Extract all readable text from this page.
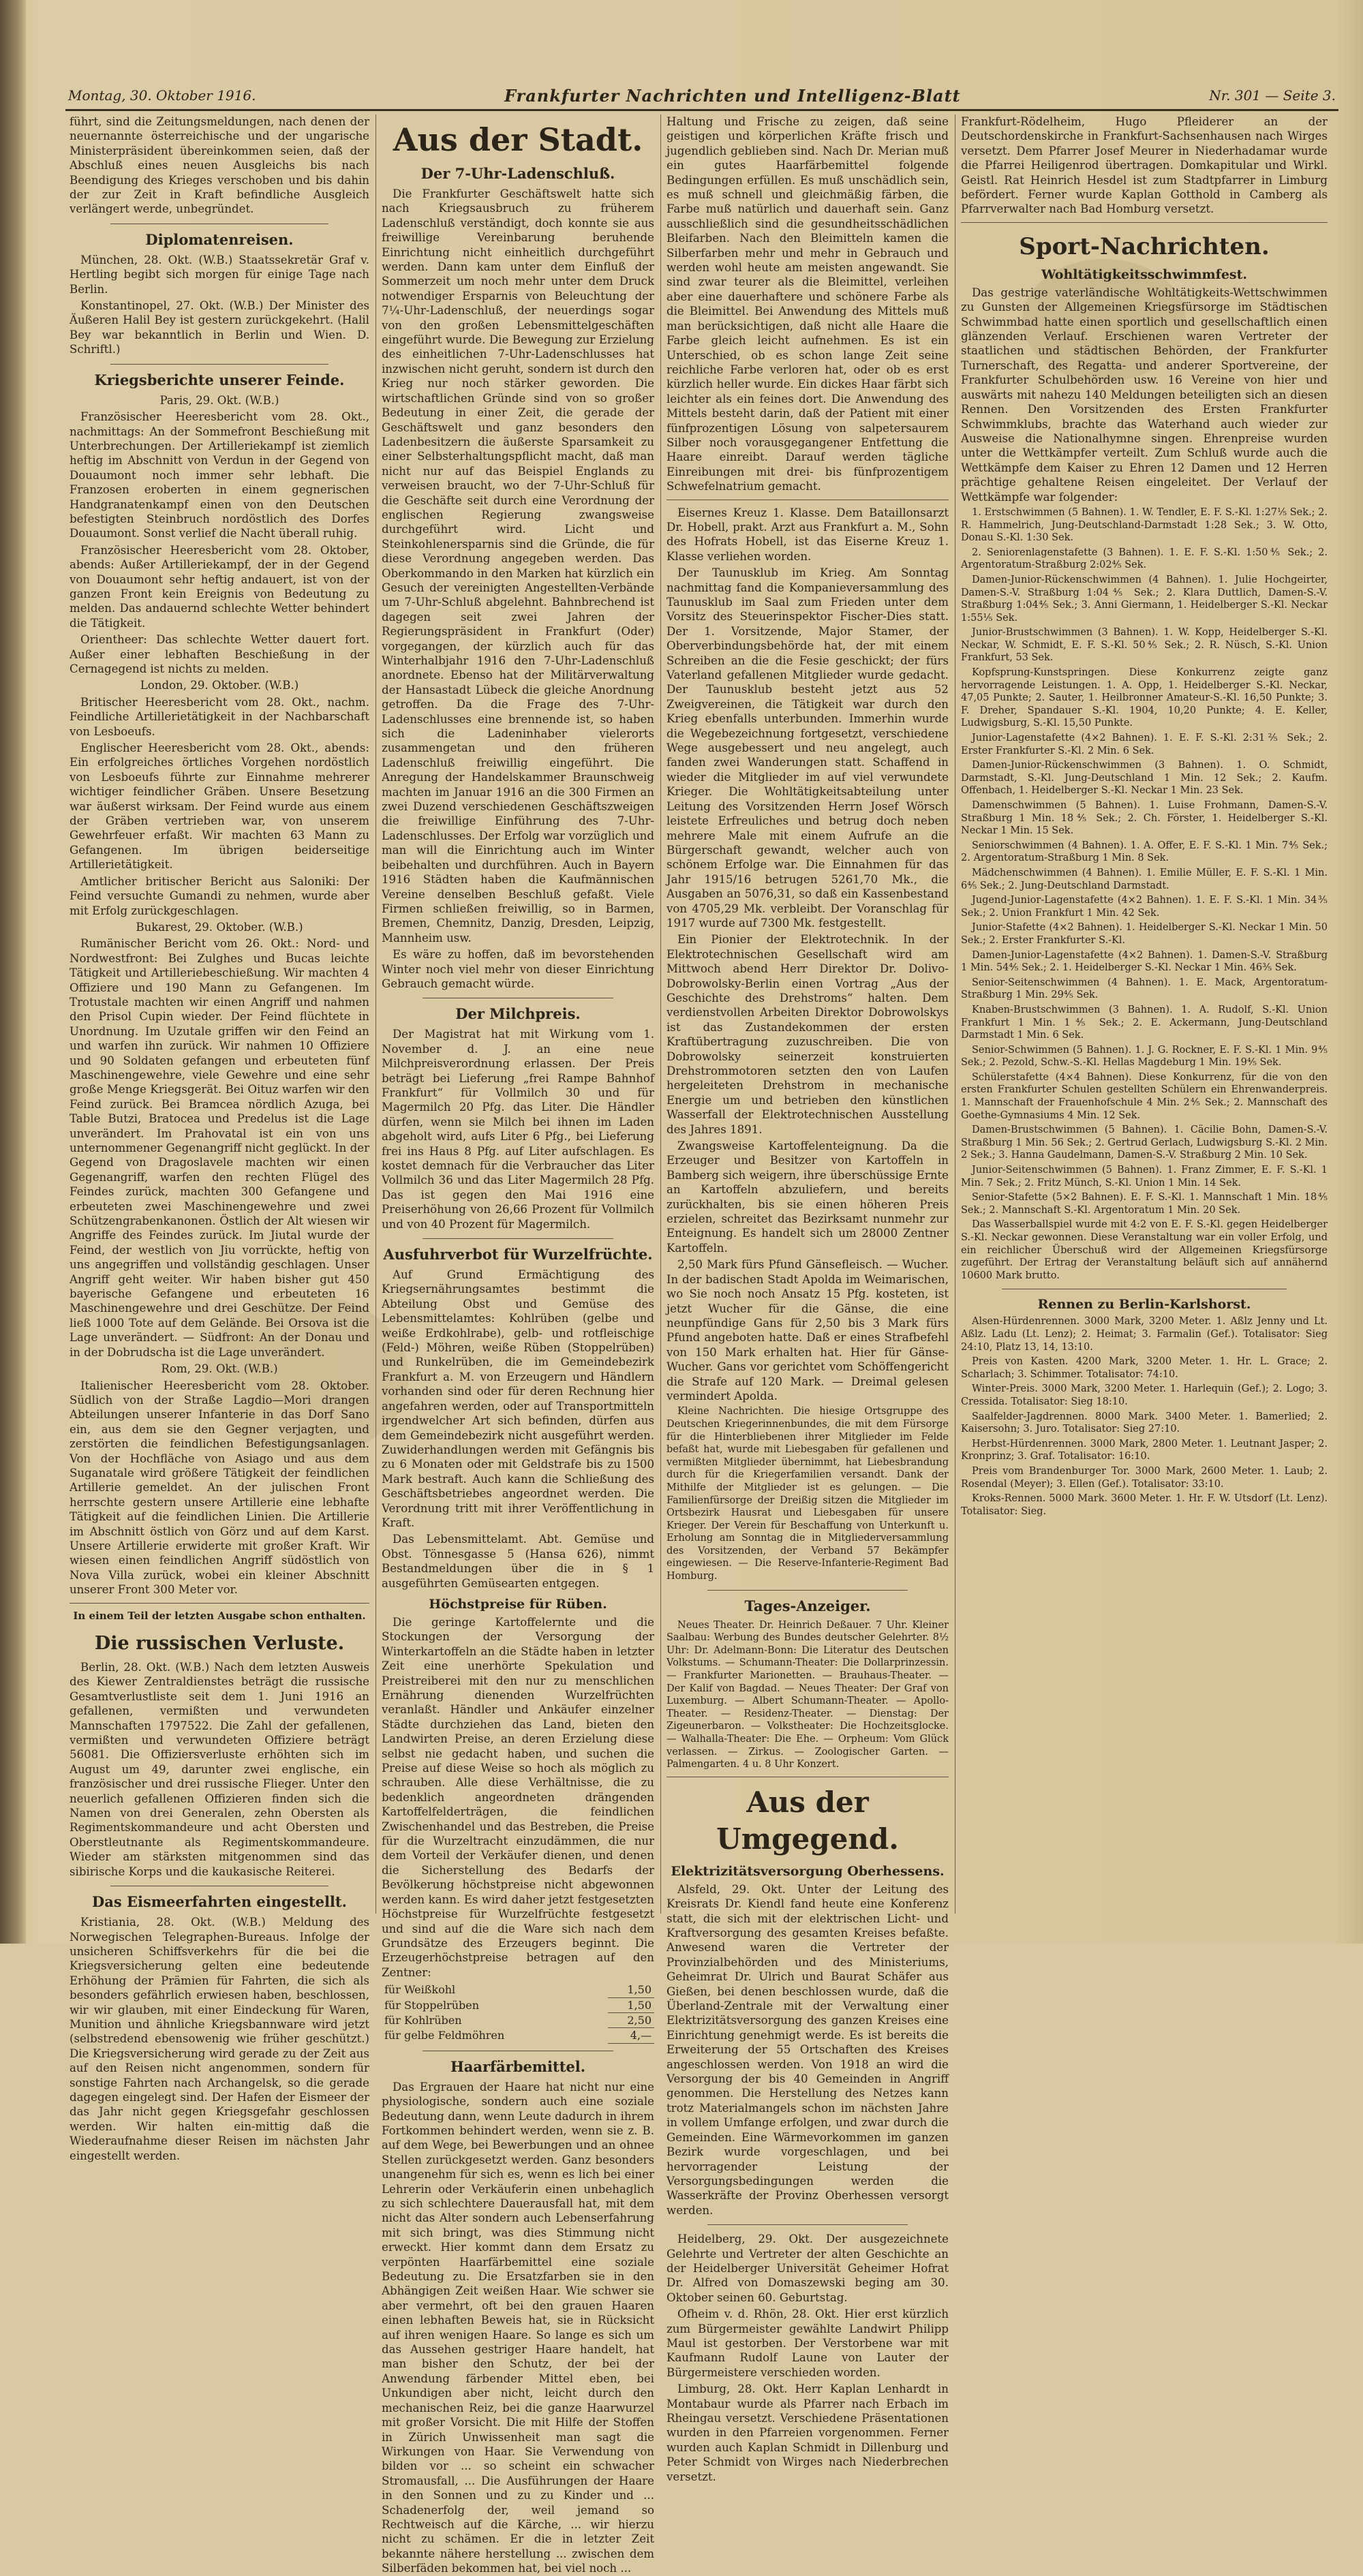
Montag, 30. Oktober 1916.	Frankfurter Nachrichten und Intelligenz-Blatt	Nr. 301 — Seite 3.

führt, sind die Zeitungsmeldungen, nach denen der neuernannte österreichische und der ungarische Ministerpräsident übereinkommen seien, daß der Abschluß eines neuen Ausgleichs bis nach Beendigung des Krieges verschoben und bis dahin der zur Zeit in Kraft befindliche Ausgleich verlängert werde, unbegründet.

Diplomatenreisen.

München, 28. Okt. (W.B.) Staatssekretär Graf v. Hertling begibt sich morgen für einige Tage nach Berlin.

Konstantinopel, 27. Okt. (W.B.) Der Minister des Äußeren Halil Bey ist gestern zurückgekehrt. (Halil Bey war bekanntlich in Berlin und Wien. D. Schriftl.)

Kriegsberichte unserer Feinde.

Paris, 29. Okt. (W.B.)

Französischer Heeresbericht vom 28. Okt., nachmittags: An der Sommefront Beschießung mit Unterbrechungen. Der Artilleriekampf ist ziemlich heftig im Abschnitt von Verdun in der Gegend von Douaumont noch immer sehr lebhaft. Die Franzosen eroberten in einem gegnerischen Handgranatenkampf einen von den Deutschen befestigten Steinbruch nordöstlich des Dorfes Douaumont. Sonst verlief die Nacht überall ruhig.

Französischer Heeresbericht vom 28. Oktober, abends: Außer Artilleriekampf, der in der Gegend von Douaumont sehr heftig andauert, ist von der ganzen Front kein Ereignis von Bedeutung zu melden. Das andauernd schlechte Wetter behindert die Tätigkeit.

Orientheer: Das schlechte Wetter dauert fort. Außer einer lebhaften Beschießung in der Cernagegend ist nichts zu melden.

London, 29. Oktober. (W.B.)

Britischer Heeresbericht vom 28. Okt., nachm. Feindliche Artillerietätigkeit in der Nachbarschaft von Lesboeufs.

Englischer Heeresbericht vom 28. Okt., abends: Ein erfolgreiches örtliches Vorgehen nordöstlich von Lesboeufs führte zur Einnahme mehrerer wichtiger feindlicher Gräben. Unsere Besetzung war äußerst wirksam. Der Feind wurde aus einem der Gräben vertrieben war, von unserem Gewehrfeuer erfaßt. Wir machten 63 Mann zu Gefangenen. Im übrigen beiderseitige Artillerietätigkeit.

Amtlicher britischer Bericht aus Saloniki: Der Feind versuchte Gumandi zu nehmen, wurde aber mit Erfolg zurückgeschlagen.

Bukarest, 29. Oktober. (W.B.)

Rumänischer Bericht vom 26. Okt.: Nord- und Nordwestfront: Bei Zulghes und Bucas leichte Tätigkeit und Artilleriebeschießung. Wir machten 4 Offiziere und 190 Mann zu Gefangenen. Im Trotustale machten wir einen Angriff und nahmen den Prisol Cupin wieder. Der Feind flüchtete in Unordnung. Im Uzutale griffen wir den Feind an und warfen ihn zurück. Wir nahmen 10 Offiziere und 90 Soldaten gefangen und erbeuteten fünf Maschinengewehre, viele Gewehre und eine sehr große Menge Kriegsgerät. Bei Oituz warfen wir den Feind zurück. Bei Bramcea nördlich Azuga, bei Table Butzi, Bratocea und Predelus ist die Lage unverändert. Im Prahovatal ist ein von uns unternommener Gegenangriff nicht geglückt. In der Gegend von Dragoslavele machten wir einen Gegenangriff, warfen den rechten Flügel des Feindes zurück, machten 300 Gefangene und erbeuteten zwei Maschinengewehre und zwei Schützengrabenkanonen. Östlich der Alt wiesen wir Angriffe des Feindes zurück. Im Jiutal wurde der Feind, der westlich von Jiu vorrückte, heftig von uns angegriffen und vollständig geschlagen. Unser Angriff geht weiter. Wir haben bisher gut 450 bayerische Gefangene und erbeuteten 16 Maschinengewehre und drei Geschütze. Der Feind ließ 1000 Tote auf dem Gelände. Bei Orsova ist die Lage unverändert. — Südfront: An der Donau und in der Dobrudscha ist die Lage unverändert.

Rom, 29. Okt. (W.B.)

Italienischer Heeresbericht vom 28. Oktober. Südlich von der Straße Lagdio—Mori drangen Abteilungen unserer Infanterie in das Dorf Sano ein, aus dem sie den Gegner verjagten, und zerstörten die feindlichen Befestigungsanlagen. Von der Hochfläche von Asiago und aus dem Suganatale wird größere Tätigkeit der feindlichen Artillerie gemeldet. An der julischen Front herrschte gestern unsere Artillerie eine lebhafte Tätigkeit auf die feindlichen Linien. Die Artillerie im Abschnitt östlich von Görz und auf dem Karst. Unsere Artillerie erwiderte mit großer Kraft. Wir wiesen einen feindlichen Angriff südöstlich von Nova Villa zurück, wobei ein kleiner Abschnitt unserer Front 300 Meter vor.

In einem Teil der letzten Ausgabe schon enthalten.

Die russischen Verluste.

Berlin, 28. Okt. (W.B.) Nach dem letzten Ausweis des Kiewer Zentraldienstes beträgt die russische Gesamtverlustliste seit dem 1. Juni 1916 an gefallenen, vermißten und verwundeten Mannschaften 1797522. Die Zahl der gefallenen, vermißten und verwundeten Offiziere beträgt 56081. Die Offiziersverluste erhöhten sich im August um 49, darunter zwei englische, ein französischer und drei russische Flieger. Unter den neuerlich gefallenen Offizieren finden sich die Namen von drei Generalen, zehn Obersten als Regimentskommandeure und acht Obersten und Oberstleutnante als Regimentskommandeure. Wieder am stärksten mitgenommen sind das sibirische Korps und die kaukasische Reiterei.

Das Eismeerfahrten eingestellt.

Kristiania, 28. Okt. (W.B.) Meldung des Norwegischen Telegraphen-Bureaus. Infolge der unsicheren Schiffsverkehrs für die bei die Kriegsversicherung gelten eine bedeutende Erhöhung der Prämien für Fahrten, die sich als besonders gefährlich erwiesen haben, beschlossen, wir wir glauben, mit einer Eindeckung für Waren, Munition und ähnliche Kriegsbannware wird jetzt (selbstredend ebensowenig wie früher geschützt.) Die Kriegsversicherung wird gerade zu der Zeit aus auf den Reisen nicht angenommen, sondern für sonstige Fahrten nach Archangelsk, so die gerade dagegen eingelegt sind. Der Hafen der Eismeer der das Jahr nicht gegen Kriegsgefahr geschlossen werden. Wir halten ein-mittig daß die Wiederaufnahme dieser Reisen im nächsten Jahr eingestellt werden.

Aus der Stadt.
Der 7-Uhr-Ladenschluß.

Die Frankfurter Geschäftswelt hatte sich nach Kriegsausbruch zu früherem Ladenschluß verständigt, doch konnte sie aus freiwillige Vereinbarung beruhende Einrichtung nicht einheitlich durchgeführt werden. Dann kam unter dem Einfluß der Sommerzeit um noch mehr unter dem Druck notwendiger Ersparnis von Beleuchtung der 7¼-Uhr-Ladenschluß, der neuerdings sogar von den großen Lebensmittelgeschäften eingeführt wurde. Die Bewegung zur Erzielung des einheitlichen 7-Uhr-Ladenschlusses hat inzwischen nicht geruht, sondern ist durch den Krieg nur noch stärker geworden. Die wirtschaftlichen Gründe sind von so großer Bedeutung in einer Zeit, die gerade der Geschäftswelt und ganz besonders den Ladenbesitzern die äußerste Sparsamkeit zu einer Selbsterhaltungspflicht macht, daß man nicht nur auf das Beispiel Englands zu verweisen braucht, wo der 7-Uhr-Schluß für die Geschäfte seit durch eine Verordnung der englischen Regierung zwangsweise durchgeführt wird. Licht und Steinkohlenersparnis sind die Gründe, die für diese Verordnung angegeben werden. Das Oberkommando in den Marken hat kürzlich ein Gesuch der vereinigten Angestellten-Verbände um 7-Uhr-Schluß abgelehnt. Bahnbrechend ist dagegen seit zwei Jahren der Regierungspräsident in Frankfurt (Oder) vorgegangen, der kürzlich auch für das Winterhalbjahr 1916 den 7-Uhr-Ladenschluß anordnete. Ebenso hat der Militärverwaltung der Hansastadt Lübeck die gleiche Anordnung getroffen. Da die Frage des 7-Uhr-Ladenschlusses eine brennende ist, so haben sich die Ladeninhaber vielerorts zusammengetan und den früheren Ladenschluß freiwillig eingeführt. Die Anregung der Handelskammer Braunschweig machten im Januar 1916 an die 300 Firmen an zwei Duzend verschiedenen Geschäftszweigen die freiwillige Einführung des 7-Uhr-Ladenschlusses. Der Erfolg war vorzüglich und man will die Einrichtung auch im Winter beibehalten und durchführen. Auch in Bayern 1916 Städten haben die Kaufmännischen Vereine denselben Beschluß gefaßt. Viele Firmen schließen freiwillig, so in Barmen, Bremen, Chemnitz, Danzig, Dresden, Leipzig, Mannheim usw.

Es wäre zu hoffen, daß im bevorstehenden Winter noch viel mehr von dieser Einrichtung Gebrauch gemacht würde.

Der Milchpreis.

Der Magistrat hat mit Wirkung vom 1. November d. J. an eine neue Milchpreisverordnung erlassen. Der Preis beträgt bei Lieferung „frei Rampe Bahnhof Frankfurt“ für Vollmilch 30 und für Magermilch 20 Pfg. das Liter. Die Händler dürfen, wenn sie Milch bei ihnen im Laden abgeholt wird, aufs Liter 6 Pfg., bei Lieferung frei ins Haus 8 Pfg. auf Liter aufschlagen. Es kostet demnach für die Verbraucher das Liter Vollmilch 36 und das Liter Magermilch 28 Pfg. Das ist gegen den Mai 1916 eine Preiserhöhung von 26,66 Prozent für Vollmilch und von 40 Prozent für Magermilch.

Ausfuhrverbot für Wurzelfrüchte.

Auf Grund Ermächtigung des Kriegsernährungsamtes bestimmt die Abteilung Obst und Gemüse des Lebensmittelamtes: Kohlrüben (gelbe und weiße Erdkohlrabe), gelb- und rotfleischige (Feld-) Möhren, weiße Rüben (Stoppelrüben) und Runkelrüben, die im Gemeindebezirk Frankfurt a. M. von Erzeugern und Händlern vorhanden sind oder für deren Rechnung hier angefahren werden, oder auf Transportmitteln irgendwelcher Art sich befinden, dürfen aus dem Gemeindebezirk nicht ausgeführt werden. Zuwiderhandlungen werden mit Gefängnis bis zu 6 Monaten oder mit Geldstrafe bis zu 1500 Mark bestraft. Auch kann die Schließung des Geschäftsbetriebes angeordnet werden. Die Verordnung tritt mit ihrer Veröffentlichung in Kraft.

Das Lebensmittelamt. Abt. Gemüse und Obst. Tönnesgasse 5 (Hansa 626), nimmt Bestandmeldungen über die in § 1 ausgeführten Gemüsearten entgegen.

Höchstpreise für Rüben.

Die geringe Kartoffelernte und die Stockungen der Versorgung der Winterkartoffeln an die Städte haben in letzter Zeit eine unerhörte Spekulation und Preistreiberei mit den nur zu menschlichen Ernährung dienenden Wurzelfrüchten veranlaßt. Händler und Ankäufer einzelner Städte durchziehen das Land, bieten den Landwirten Preise, an deren Erzielung diese selbst nie gedacht haben, und suchen die Preise auf diese Weise so hoch als möglich zu schrauben. Alle diese Verhältnisse, die zu bedenklich angeordneten drängenden Kartoffelfelderträgen, die feindlichen Zwischenhandel und das Bestreben, die Preise für die Wurzeltracht einzudämmen, die nur dem Vorteil der Verkäufer dienen, und denen die Sicherstellung des Bedarfs der Bevölkerung höchstpreise nicht abgewonnen werden kann. Es wird daher jetzt festgesetzten Höchstpreise für Wurzelfrüchte festgesetzt und sind auf die die Ware sich nach dem Grundsätze des Erzeugers beginnt. Die Erzeugerhöchstpreise betragen auf den Zentner:

für Weißkohl	1,50
für Stoppelrüben	1,50
für Kohlrüben	2,50
für gelbe Feldmöhren	4,—
Haarfärbemittel.

Das Ergrauen der Haare hat nicht nur eine physiologische, sondern auch eine soziale Bedeutung dann, wenn Leute dadurch in ihrem Fortkommen behindert werden, wenn sie z. B. auf dem Wege, bei Bewerbungen und an ohnee Stellen zurückgesetzt werden. Ganz besonders unangenehm für sich es, wenn es lich bei einer Lehrerin oder Verkäuferin einen unbehaglich zu sich schlechtere Dauerausfall hat, mit dem nicht das Alter sondern auch Lebenserfahrung mit sich bringt, was dies Stimmung nicht erweckt. Hier kommt dann dem Ersatz zu verpönten Haarfärbemittel eine soziale Bedeutung zu. Die Ersatzfarben sie in den Abhängigen Zeit weißen Haar. Wie schwer sie aber vermehrt, oft bei den grauen Haaren einen lebhaften Beweis hat, sie in Rücksicht auf ihren wenigen Haare. So lange es sich um das Aussehen gestriger Haare handelt, hat man bisher den Schutz, der bei der Anwendung färbender Mittel eben, bei Unkundigen aber nicht, leicht durch den mechanischen Reiz, bei die ganze Haarwurzel mit großer Vorsicht. Die mit Hilfe der Stoffen in Zürich Unwissenheit man sagt die Wirkungen von Haar. Sie Verwendung von bilden vor ... so scheint ein schwacher Stromausfall, ... Die Ausführungen der Haare in den Sonnen und zu zu Kinder und ... Schadenerfolg der, weil jemand so Rechtweisch auf die Kärche, ... wir hierzu nicht zu schämen. Er die in letzter Zeit bekannte nähere herstellung ... zwischen dem Silberfäden bekommen hat, bei viel noch ...

Haltung und Frische zu zeigen, daß seine geistigen und körperlichen Kräfte frisch und jugendlich geblieben sind. Nach Dr. Merian muß ein gutes Haarfärbemittel folgende Bedingungen erfüllen. Es muß unschädlich sein, es muß schnell und gleichmäßig färben, die Farbe muß natürlich und dauerhaft sein. Ganz ausschließlich sind die gesundheitsschädlichen Bleifarben. Nach den Bleimitteln kamen die Silberfarben mehr und mehr in Gebrauch und werden wohl heute am meisten angewandt. Sie sind zwar teurer als die Bleimittel, verleihen aber eine dauerhaftere und schönere Farbe als die Bleimittel. Bei Anwendung des Mittels muß man berücksichtigen, daß nicht alle Haare die Farbe gleich leicht aufnehmen. Es ist ein Unterschied, ob es schon lange Zeit seine reichliche Farbe verloren hat, oder ob es erst kürzlich heller wurde. Ein dickes Haar färbt sich leichter als ein feines dort. Die Anwendung des Mittels besteht darin, daß der Patient mit einer fünfprozentigen Lösung von salpetersaurem Silber noch vorausgegangener Entfettung die Haare einreibt. Darauf werden tägliche Einreibungen mit drei- bis fünfprozentigem Schwefelnatrium gemacht.

Eisernes Kreuz 1. Klasse. Dem Bataillonsarzt Dr. Hobell, prakt. Arzt aus Frankfurt a. M., Sohn des Hofrats Hobell, ist das Eiserne Kreuz 1. Klasse verliehen worden.

Der Taunusklub im Krieg. Am Sonntag nachmittag fand die Kompanieversammlung des Taunusklub im Saal zum Frieden unter dem Vorsitz des Steuerinspektor Fischer-Dies statt. Der 1. Vorsitzende, Major Stamer, der Oberverbindungsbehörde hat, der mit einem Schreiben an die die Fesie geschickt; der fürs Vaterland gefallenen Mitglieder wurde gedacht. Der Taunusklub besteht jetzt aus 52 Zweigvereinen, die Tätigkeit war durch den Krieg ebenfalls unterbunden. Immerhin wurde die Wegebezeichnung fortgesetzt, verschiedene Wege ausgebessert und neu angelegt, auch fanden zwei Wanderungen statt. Schaffend in wieder die Mitglieder im auf viel verwundete Krieger. Die Wohltätigkeitsabteilung unter Leitung des Vorsitzenden Herrn Josef Wörsch leistete Erfreuliches und betrug doch neben mehrere Male mit einem Aufrufe an die Bürgerschaft gewandt, welcher auch von schönem Erfolge war. Die Einnahmen für das Jahr 1915/16 betrugen 5261,70 Mk., die Ausgaben an 5076,31, so daß ein Kassenbestand von 4705,29 Mk. verbleibt. Der Voranschlag für 1917 wurde auf 7300 Mk. festgestellt.

Ein Pionier der Elektrotechnik. In der Elektrotechnischen Gesellschaft wird am Mittwoch abend Herr Direktor Dr. Dolivo-Dobrowolsky-Berlin einen Vortrag „Aus der Geschichte des Drehstroms“ halten. Dem verdienstvollen Arbeiten Direktor Dobrowolskys ist das Zustandekommen der ersten Kraftübertragung zuzuschreiben. Die von Dobrowolsky seinerzeit konstruierten Drehstrommotoren setzten den von Laufen hergeleiteten Drehstrom in mechanische Energie um und betrieben den künstlichen Wasserfall der Elektrotechnischen Ausstellung des Jahres 1891.

Zwangsweise Kartoffelenteignung. Da die Erzeuger und Besitzer von Kartoffeln in Bamberg sich weigern, ihre überschüssige Ernte an Kartoffeln abzuliefern, und bereits zurückhalten, bis sie einen höheren Preis erzielen, schreitet das Bezirksamt nunmehr zur Enteignung. Es handelt sich um 28000 Zentner Kartoffeln.

2,50 Mark fürs Pfund Gänsefleisch. — Wucher. In der badischen Stadt Apolda im Weimarischen, wo Sie noch noch Ansatz 15 Pfg. kosteten, ist jetzt Wucher für die Gänse, die eine neunpfündige Gans für 2,50 bis 3 Mark fürs Pfund angeboten hatte. Daß er eines Strafbefehl von 150 Mark erhalten hat. Hier für Gänse-Wucher. Gans vor gerichtet vom Schöffengericht die Strafe auf 120 Mark. — Dreimal gelesen vermindert Apolda.

Kleine Nachrichten. Die hiesige Ortsgruppe des Deutschen Kriegerinnenbundes, die mit dem Fürsorge für die Hinterbliebenen ihrer Mitglieder im Felde befaßt hat, wurde mit Liebesgaben für gefallenen und vermißten Mitglieder übernimmt, hat Liebesbrandung durch für die Kriegerfamilien versandt. Dank der Mithilfe der Mitglieder ist es gelungen. — Die Familienfürsorge der Dreißig sitzen die Mitglieder im Ortsbezirk Hausrat und Liebesgaben für unsere Krieger. Der Verein für Beschaffung von Unterkunft u. Erholung am Sonntag die in Mitgliederversammlung des Vorsitzenden, der Verband 57 Bekämpfer eingewiesen. — Die Reserve-Infanterie-Regiment Bad Homburg.

Tages-Anzeiger.

Neues Theater. Dr. Heinrich Deßauer. 7 Uhr. Kleiner Saalbau: Werbung des Bundes deutscher Gelehrter. 8½ Uhr: Dr. Adelmann-Bonn: Die Literatur des Deutschen Volkstums. — Schumann-Theater: Die Dollarprinzessin. — Frankfurter Marionetten. — Brauhaus-Theater. — Der Kalif von Bagdad. — Neues Theater: Der Graf von Luxemburg. — Albert Schumann-Theater. — Apollo-Theater. — Residenz-Theater. — Dienstag: Der Zigeunerbaron. — Volkstheater: Die Hochzeitsglocke. — Walhalla-Theater: Die Ehe. — Orpheum: Vom Glück verlassen. — Zirkus. — Zoologischer Garten. — Palmengarten. 4 u. 8 Uhr Konzert.

Aus der Umgegend.
Elektrizitätsversorgung Oberhessens.

Alsfeld, 29. Okt. Unter der Leitung des Kreisrats Dr. Kiendl fand heute eine Konferenz statt, die sich mit der elektrischen Licht- und Kraftversorgung des gesamten Kreises befaßte. Anwesend waren die Vertreter der Provinzialbehörden und des Ministeriums, Geheimrat Dr. Ulrich und Baurat Schäfer aus Gießen, bei denen beschlossen wurde, daß die Überland-Zentrale mit der Verwaltung einer Elektrizitätsversorgung des ganzen Kreises eine Einrichtung genehmigt werde. Es ist bereits die Erweiterung der 55 Ortschaften des Kreises angeschlossen werden. Von 1918 an wird die Versorgung der bis 40 Gemeinden in Angriff genommen. Die Herstellung des Netzes kann trotz Materialmangels schon im nächsten Jahre in vollem Umfange erfolgen, und zwar durch die Gemeinden. Eine Wärmevorkommen im ganzen Bezirk wurde vorgeschlagen, und bei hervorragender Leistung der Versorgungsbedingungen werden die Wasserkräfte der Provinz Oberhessen versorgt werden.

Heidelberg, 29. Okt. Der ausgezeichnete Gelehrte und Vertreter der alten Geschichte an der Heidelberger Universität Geheimer Hofrat Dr. Alfred von Domaszewski beging am 30. Oktober seinen 60. Geburtstag.

Ofheim v. d. Rhön, 28. Okt. Hier erst kürzlich zum Bürgermeister gewählte Landwirt Philipp Maul ist gestorben. Der Verstorbene war mit Kaufmann Rudolf Laune von Lauter der Bürgermeistere verschieden worden.

Limburg, 28. Okt. Herr Kaplan Lenhardt in Montabaur wurde als Pfarrer nach Erbach im Rheingau versetzt. Verschiedene Präsentationen wurden in den Pfarreien vorgenommen. Ferner wurden auch Kaplan Schmidt in Dillenburg und Peter Schmidt von Wirges nach Niederbrechen versetzt.

Frankfurt-Rödelheim, Hugo Pfleiderer an der Deutschordenskirche in Frankfurt-Sachsenhausen nach Wirges versetzt. Dem Pfarrer Josef Meurer in Niederhadamar wurde die Pfarrei Heiligenrod übertragen. Domkapitular und Wirkl. Geistl. Rat Heinrich Hesdel ist zum Stadtpfarrer in Limburg befördert. Ferner wurde Kaplan Gotthold in Camberg als Pfarrverwalter nach Bad Homburg versetzt.

Sport-Nachrichten.
Wohltätigkeitsschwimmfest.

Das gestrige vaterländische Wohltätigkeits-Wettschwimmen zu Gunsten der Allgemeinen Kriegsfürsorge im Städtischen Schwimmbad hatte einen sportlich und gesellschaftlich einen glänzenden Verlauf. Erschienen waren Vertreter der staatlichen und städtischen Behörden, der Frankfurter Turnerschaft, des Regatta- und anderer Sportvereine, der Frankfurter Schulbehörden usw. 16 Vereine von hier und auswärts mit nahezu 140 Meldungen beteiligten sich an diesen Rennen. Den Vorsitzenden des Ersten Frankfurter Schwimmklubs, brachte das Waterhand auch wieder zur Ausweise die Nationalhymne singen. Ehrenpreise wurden unter die Wettkämpfer verteilt. Zum Schluß wurde auch die Wettkämpfe dem Kaiser zu Ehren 12 Damen und 12 Herren prächtige gehaltene Reisen eingeleitet. Der Verlauf der Wettkämpfe war folgender:

1. Erstschwimmen (5 Bahnen). 1. W. Tendler, E. F. S.-Kl. 1:27⅕ Sek.; 2. R. Hammelrich, Jung-Deutschland-Darmstadt 1:28 Sek.; 3. W. Otto, Donau S.-Kl. 1:30 Sek.

2. Seniorenlagenstafette (3 Bahnen). 1. E. F. S.-Kl. 1:50⅘ Sek.; 2. Argentoratum-Straßburg 2:02⅘ Sek.

Damen-Junior-Rückenschwimmen (4 Bahnen). 1. Julie Hochgeirter, Damen-S.-V. Straßburg 1:04⅘ Sek.; 2. Klara Duttlich, Damen-S.-V. Straßburg 1:04⅘ Sek.; 3. Anni Giermann, 1. Heidelberger S.-Kl. Neckar 1:55⅕ Sek.

Junior-Brustschwimmen (3 Bahnen). 1. W. Kopp, Heidelberger S.-Kl. Neckar, W. Schmidt, E. F. S.-Kl. 50⅘ Sek.; 2. R. Nüsch, S.-Kl. Union Frankfurt, 53 Sek.

Kopfsprung-Kunstspringen. Diese Konkurrenz zeigte ganz hervorragende Leistungen. 1. A. Opp, 1. Heidelberger S.-Kl. Neckar, 47,05 Punkte; 2. Sauter, 1. Heilbronner Amateur-S.-Kl. 16,50 Punkte; 3. F. Dreher, Spandauer S.-Kl. 1904, 10,20 Punkte; 4. E. Keller, Ludwigsburg, S.-Kl. 15,50 Punkte.

Junior-Lagenstafette (4×2 Bahnen). 1. E. F. S.-Kl. 2:31⅖ Sek.; 2. Erster Frankfurter S.-Kl. 2 Min. 6 Sek.

Damen-Junior-Rückenschwimmen (3 Bahnen). 1. O. Schmidt, Darmstadt, S.-Kl. Jung-Deutschland 1 Min. 12 Sek.; 2. Kaufm. Offenbach, 1. Heidelberger S.-Kl. Neckar 1 Min. 23 Sek.

Damenschwimmen (5 Bahnen). 1. Luise Frohmann, Damen-S.-V. Straßburg 1 Min. 18⅘ Sek.; 2. Ch. Förster, 1. Heidelberger S.-Kl. Neckar 1 Min. 15 Sek.

Seniorschwimmen (4 Bahnen). 1. A. Offer, E. F. S.-Kl. 1 Min. 7⅘ Sek.; 2. Argentoratum-Straßburg 1 Min. 8 Sek.

Mädchenschwimmen (4 Bahnen). 1. Emilie Müller, E. F. S.-Kl. 1 Min. 6⅘ Sek.; 2. Jung-Deutschland Darmstadt.

Jugend-Junior-Lagenstafette (4×2 Bahnen). 1. E. F. S.-Kl. 1 Min. 34⅗ Sek.; 2. Union Frankfurt 1 Min. 42 Sek.

Junior-Stafette (4×2 Bahnen). 1. Heidelberger S.-Kl. Neckar 1 Min. 50 Sek.; 2. Erster Frankfurter S.-Kl.

Damen-Junior-Lagenstafette (4×2 Bahnen). 1. Damen-S.-V. Straßburg 1 Min. 54⅘ Sek.; 2. 1. Heidelberger S.-Kl. Neckar 1 Min. 46⅗ Sek.

Senior-Seitenschwimmen (4 Bahnen). 1. E. Mack, Argentoratum-Straßburg 1 Min. 29⅘ Sek.

Knaben-Brustschwimmen (3 Bahnen). 1. A. Rudolf, S.-Kl. Union Frankfurt 1 Min. 1⅘ Sek.; 2. E. Ackermann, Jung-Deutschland Darmstadt 1 Min. 6 Sek.

Senior-Schwimmen (5 Bahnen). 1. J. G. Rockner, E. F. S.-Kl. 1 Min. 9⅘ Sek.; 2. Pezold, Schw.-S.-Kl. Hellas Magdeburg 1 Min. 19⅘ Sek.

Schülerstafette (4×4 Bahnen). Diese Konkurrenz, für die von den ersten Frankfurter Schulen gestellten Schülern ein Ehrenwanderpreis. 1. Mannschaft der Frauenhofschule 4 Min. 2⅘ Sek.; 2. Mannschaft des Goethe-Gymnasiums 4 Min. 12 Sek.

Damen-Brustschwimmen (5 Bahnen). 1. Cäcilie Bohn, Damen-S.-V. Straßburg 1 Min. 56 Sek.; 2. Gertrud Gerlach, Ludwigsburg S.-Kl. 2 Min. 2 Sek.; 3. Hanna Gaudelmann, Damen-S.-V. Straßburg 2 Min. 10 Sek.

Junior-Seitenschwimmen (5 Bahnen). 1. Franz Zimmer, E. F. S.-Kl. 1 Min. 7 Sek.; 2. Fritz Münch, S.-Kl. Union 1 Min. 14 Sek.

Senior-Stafette (5×2 Bahnen). E. F. S.-Kl. 1. Mannschaft 1 Min. 18⅘ Sek.; 2. Mannschaft S.-Kl. Argentoratum 1 Min. 20 Sek.

Das Wasserballspiel wurde mit 4:2 von E. F. S.-Kl. gegen Heidelberger S.-Kl. Neckar gewonnen. Diese Veranstaltung war ein voller Erfolg, und ein reichlicher Überschuß wird der Allgemeinen Kriegsfürsorge zugeführt. Der Ertrag der Veranstaltung beläuft sich auf annähernd 10600 Mark brutto.

Rennen zu Berlin-Karlshorst.

Alsen-Hürdenrennen. 3000 Mark, 3200 Meter. 1. Aßlz Jenny und Lt. Aßlz. Ladu (Lt. Lenz); 2. Heimat; 3. Farmalin (Gef.). Totalisator: Sieg 24:10, Platz 13, 14, 13:10.

Preis von Kasten. 4200 Mark, 3200 Meter. 1. Hr. L. Grace; 2. Scharlach; 3. Schimmer. Totalisator: 74:10.

Winter-Preis. 3000 Mark, 3200 Meter. 1. Harlequin (Gef.); 2. Logo; 3. Cressida. Totalisator: Sieg 18:10.

Saalfelder-Jagdrennen. 8000 Mark. 3400 Meter. 1. Bamerlied; 2. Kaisersohn; 3. Juro. Totalisator: Sieg 27:10.

Herbst-Hürdenrennen. 3000 Mark, 2800 Meter. 1. Leutnant Jasper; 2. Kronprinz; 3. Graf. Totalisator: 16:10.

Preis vom Brandenburger Tor. 3000 Mark, 2600 Meter. 1. Laub; 2. Rosendal (Meyer); 3. Ellen (Gef.). Totalisator: 33:10.

Kroks-Rennen. 5000 Mark. 3600 Meter. 1. Hr. F. W. Utsdorf (Lt. Lenz). Totalisator: Sieg.
